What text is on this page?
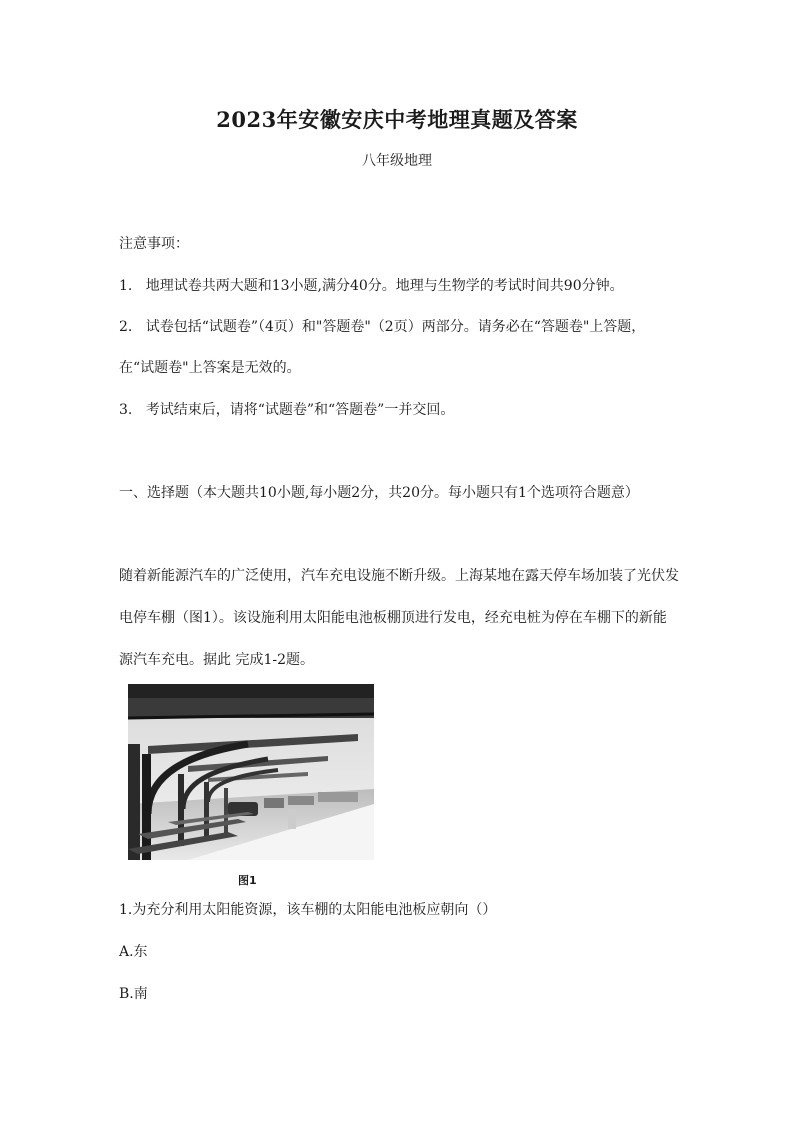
2023年安徽安庆中考地理真题及答案
八年级地理
注意事项：
1.   地理试卷共两大题和13小题,满分40分。地理与生物学的考试时间共90分钟。
2.   试卷包括“试题卷”（4页）和"答题卷"（2页）两部分。请务必在“答题卷"上答题，
在“试题卷"上答案是无效的。
3.   考试结束后，请将“试题卷”和“答题卷”一并交回。
一、选择题（本大题共10小题,每小题2分，共20分。每小题只有1个选项符合题意）
随着新能源汽车的广泛使用，汽车充电设施不断升级。上海某地在露天停车场加装了光伏发
电停车棚（图1）。该设施利用太阳能电池板棚顶进行发电，经充电桩为停在车棚下的新能
源汽车充电。据此 完成1-2题。
图1
1.为充分利用太阳能资源，该车棚的太阳能电池板应朝向（）
A.东
B.南
